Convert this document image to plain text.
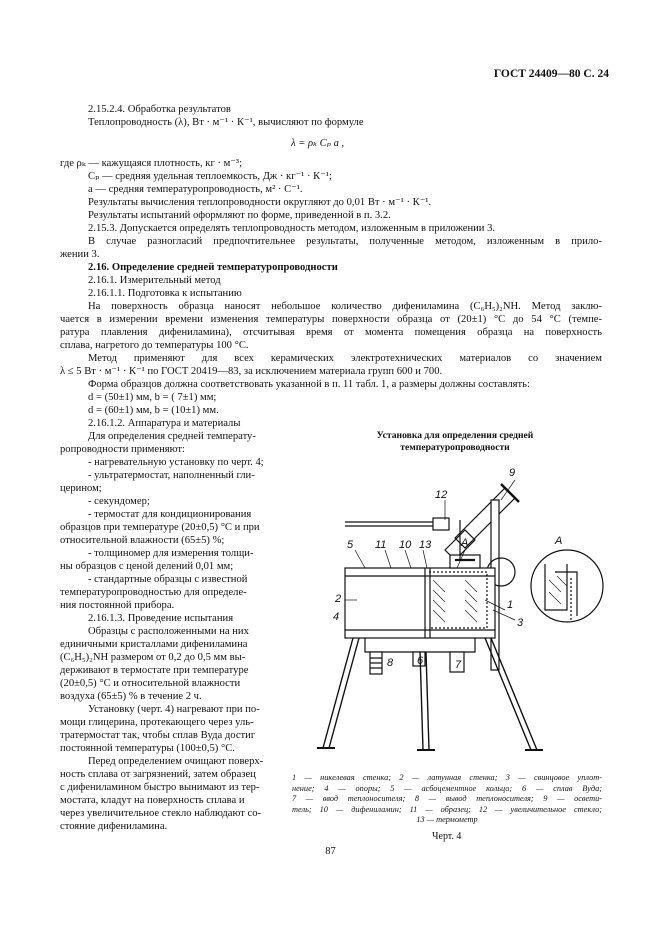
ГОСТ 24409—80 С. 24
2.15.2.4. Обработка результатов
Теплопроводность (λ), Вт · м⁻¹ · К⁻¹, вычисляют по формуле
λ = ρₖ Cₚ a ,
где ρₖ — кажущаяся плотность, кг · м⁻³;
Cₚ — средняя удельная теплоемкость, Дж · кг⁻¹ · К⁻¹;
a — средняя температуропроводность, м² · С⁻¹.
Результаты вычисления теплопроводности округляют до 0,01 Вт · м⁻¹ · К⁻¹.
Результаты испытаний оформляют по форме, приведенной в п. 3.2.
2.15.3. Допускается определять теплопроводность методом, изложенным в приложении 3.
В случае разногласий предпочтительнее результаты, полученные методом, изложенным в прило-
жении 3.
2.16. Определение средней температуропроводности
2.16.1. Измерительный метод
2.16.1.1. Подготовка к испытанию
На поверхность образца наносят небольшое количество дифениламина (C₆H₅)₂NH. Метод заклю-
чается в измерении времени изменения температуры поверхности образца от (20±1) °С до 54 °С (темпе-
ратура плавления дифениламина), отсчитывая время от момента помещения образца на поверхность
сплава, нагретого до температуры 100 °С.
Метод применяют для всех керамических электротехнических материалов со значением
λ ≤ 5 Вт · м⁻¹ · К⁻¹ по ГОСТ 20419—83, за исключением материала групп 600 и 700.
Форма образцов должна соответствовать указанной в п. 11 табл. 1, а размеры должны составлять:
d = (50±1) мм, b = ( 7±1) мм;
d = (60±1) мм, b = (10±1) мм.
2.16.1.2. Аппаратура и материалы
Для определения средней температу-
ропроводности применяют:
- нагревательную установку по черт. 4;
- ультратермостат, наполненный гли-
церином;
- секундомер;
- термостат для кондиционирования
образцов при температуре (20±0,5) °С и при
относительной влажности (65±5) %;
- толщиномер для измерения толщи-
ны образцов с ценой делений 0,01 мм;
- стандартные образцы с известной
температуропроводностью для определе-
ния постоянной прибора.
2.16.1.3. Проведение испытания
Образцы с расположенными на них
единичными кристаллами дифениламина
(C₆H₅)₂NH размером от 0,2 до 0,5 мм вы-
держивают в термостате при температуре
(20±0,5) °С и относительной влажности
воздуха (65±5) % в течение 2 ч.
Установку (черт. 4) нагревают при по-
мощи глицерина, протекающего через уль-
тратермостат так, чтобы сплав Вуда достиг
постоянной температуры (100±0,5) °С.
Перед определением очищают поверх-
ность сплава от загрязнений, затем образец
с дифениламином быстро вынимают из тер-
мостата, кладут на поверхность сплава и
через увеличительное стекло наблюдают со-
стояние дифениламина.
Установка для определения средней
температуропроводности
1
2
3
4
5
6	7
8
9
10
11
12
13	А	А
1 — никелевая стенка; 2 — латунная стенка; 3 — свинцовое уплот-
нение; 4 — опоры; 5 — асбоцементное кольцо; 6 — сплав Вуда;
7 — ввод теплоносителя; 8 — вывод теплоносителя; 9 — освети-
тель; 10 — дифениламин; 11 — образец; 12 — увеличительное стекло;
13 — термометр
Черт. 4
87
